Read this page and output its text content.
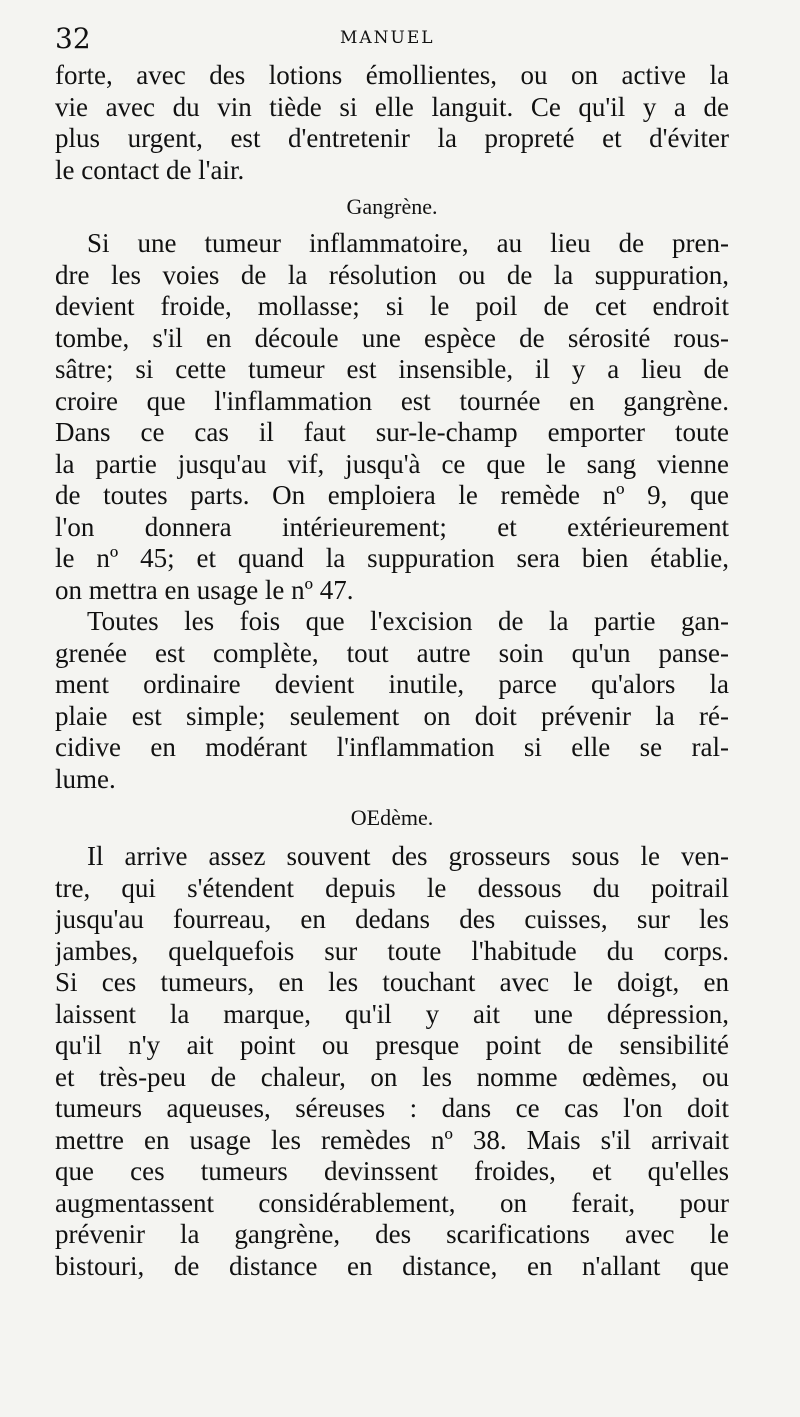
32	MANUEL
forte, avec des lotions émollientes, ou on active la
vie avec du vin tiède si elle languit. Ce qu'il y a de
plus urgent, est d'entretenir la propreté et d'éviter
le contact de l'air.
Gangrène.
Si une tumeur inflammatoire, au lieu de pren-
dre les voies de la résolution ou de la suppuration,
devient froide, mollasse; si le poil de cet endroit
tombe, s'il en découle une espèce de sérosité rous-
sâtre; si cette tumeur est insensible, il y a lieu de
croire que l'inflammation est tournée en gangrène.
Dans ce cas il faut sur-le-champ emporter toute
la partie jusqu'au vif, jusqu'à ce que le sang vienne
de toutes parts. On emploiera le remède nº 9, que
l'on donnera intérieurement; et extérieurement
le nº 45; et quand la suppuration sera bien établie,
on mettra en usage le nº 47.
Toutes les fois que l'excision de la partie gan-
grenée est complète, tout autre soin qu'un panse-
ment ordinaire devient inutile, parce qu'alors la
plaie est simple; seulement on doit prévenir la ré-
cidive en modérant l'inflammation si elle se ral-
lume.
OEdème.
Il arrive assez souvent des grosseurs sous le ven-
tre, qui s'étendent depuis le dessous du poitrail
jusqu'au fourreau, en dedans des cuisses, sur les
jambes, quelquefois sur toute l'habitude du corps.
Si ces tumeurs, en les touchant avec le doigt, en
laissent la marque, qu'il y ait une dépression,
qu'il n'y ait point ou presque point de sensibilité
et très-peu de chaleur, on les nomme œdèmes, ou
tumeurs aqueuses, séreuses : dans ce cas l'on doit
mettre en usage les remèdes nº 38. Mais s'il arrivait
que ces tumeurs devinssent froides, et qu'elles
augmentassent considérablement, on ferait, pour
prévenir la gangrène, des scarifications avec le
bistouri, de distance en distance, en n'allant que
